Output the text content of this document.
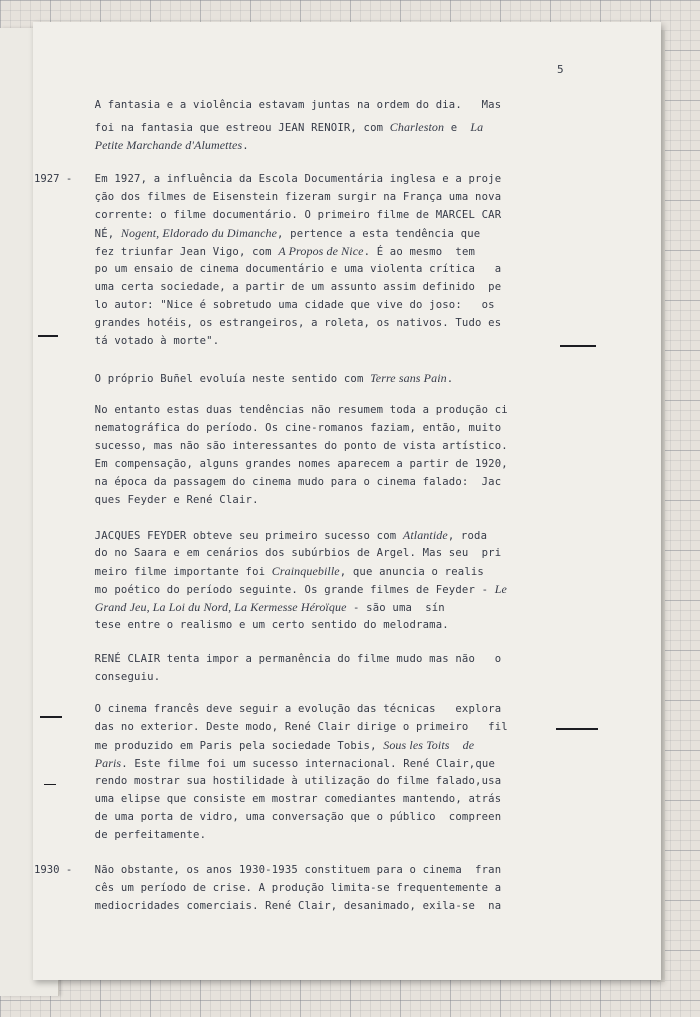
5
1927 -
1930 -
A fantasia e a violência estavam juntas na ordem do dia.   Mas
foi na fantasia que estreou JEAN RENOIR, com Charleston e  La
Petite Marchande d'Alumettes.
Em 1927, a influência da Escola Documentária inglesa e a proje
ção dos filmes de Eisenstein fizeram surgir na França uma nova
corrente: o filme documentário. O primeiro filme de MARCEL CAR
NÉ, Nogent, Eldorado du Dimanche, pertence a esta tendência que
fez triunfar Jean Vigo, com A Propos de Nice. É ao mesmo  tem
po um ensaio de cinema documentário e uma violenta crítica   a
uma certa sociedade, a partir de um assunto assim definido  pe
lo autor: "Nice é sobretudo uma cidade que vive do joso:   os
grandes hotéis, os estrangeiros, a roleta, os nativos. Tudo es
tá votado à morte".
O próprio Buñel evoluía neste sentido com Terre sans Pain.
No entanto estas duas tendências não resumem toda a produção ci
nematográfica do período. Os cine-romanos faziam, então, muito
sucesso, mas não são interessantes do ponto de vista artístico.
Em compensação, alguns grandes nomes aparecem a partir de 1920,
na época da passagem do cinema mudo para o cinema falado:  Jac
ques Feyder e René Clair.
JACQUES FEYDER obteve seu primeiro sucesso com Atlantide, roda
do no Saara e em cenários dos subúrbios de Argel. Mas seu  pri
meiro filme importante foi Crainquebille, que anuncia o realis
mo poético do período seguinte. Os grande filmes de Feyder - Le
Grand Jeu, La Loi du Nord, La Kermesse Héroïque - são uma  sín
tese entre o realismo e um certo sentido do melodrama.
RENÉ CLAIR tenta impor a permanência do filme mudo mas não   o
conseguiu.
O cinema francês deve seguir a evolução das técnicas   explora
das no exterior. Deste modo, René Clair dirige o primeiro   fil
me produzido em Paris pela sociedade Tobis, Sous les Toits de
Paris. Este filme foi um sucesso internacional. René Clair,que
rendo mostrar sua hostilidade à utilização do filme falado,usa
uma elipse que consiste em mostrar comediantes mantendo, atrás
de uma porta de vidro, uma conversação que o público  compreen
de perfeitamente.
Não obstante, os anos 1930-1935 constituem para o cinema  fran
cês um período de crise. A produção limita-se frequentemente a
mediocridades comerciais. René Clair, desanimado, exila-se  na
